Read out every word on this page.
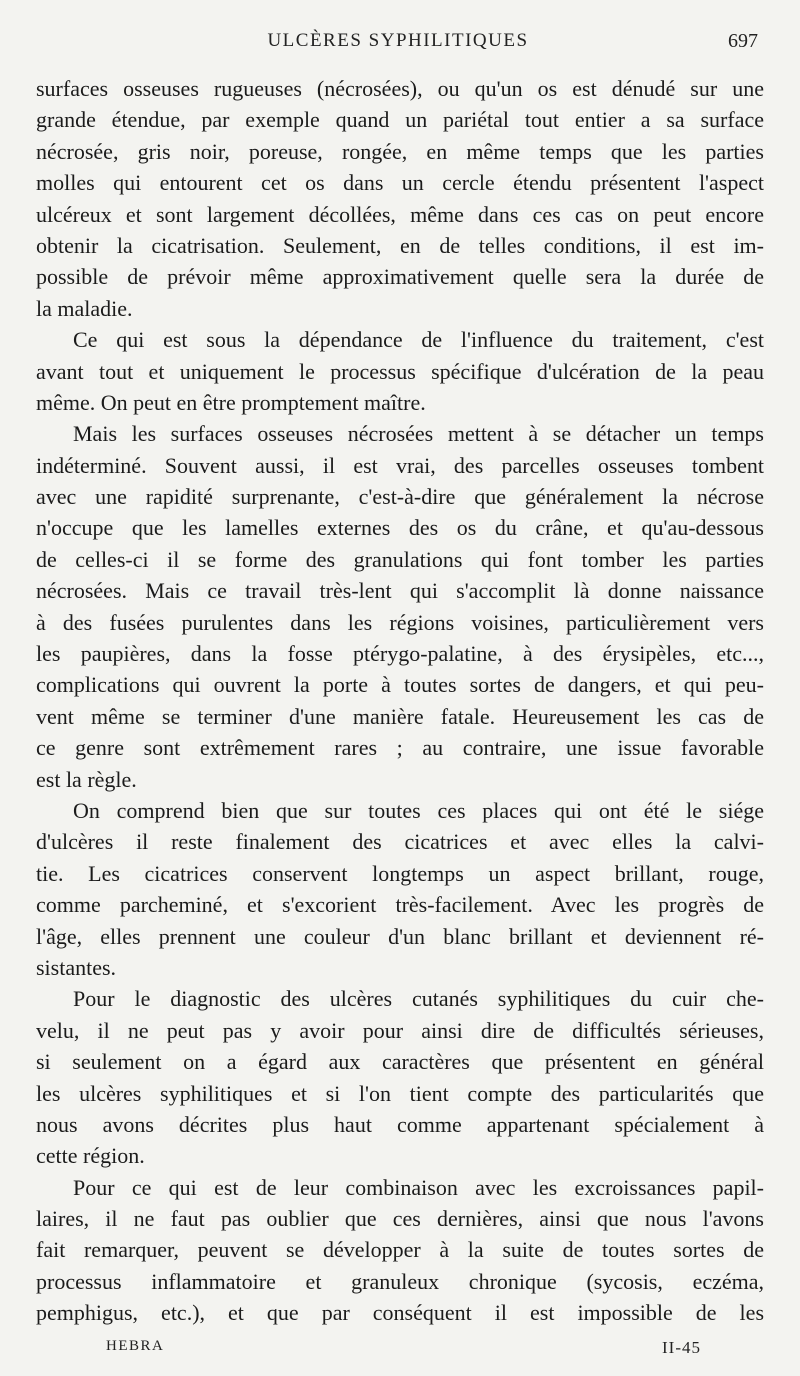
ULCÈRES SYPHILITIQUES	697
surfaces osseuses rugueuses (nécrosées), ou qu'un os est dénudé sur une
grande étendue, par exemple quand un pariétal tout entier a sa surface
nécrosée, gris noir, poreuse, rongée, en même temps que les parties
molles qui entourent cet os dans un cercle étendu présentent l'aspect
ulcéreux et sont largement décollées, même dans ces cas on peut encore
obtenir la cicatrisation. Seulement, en de telles conditions, il est im-
possible de prévoir même approximativement quelle sera la durée de
la maladie.
Ce qui est sous la dépendance de l'influence du traitement, c'est
avant tout et uniquement le processus spécifique d'ulcération de la peau
même. On peut en être promptement maître.
Mais les surfaces osseuses nécrosées mettent à se détacher un temps
indéterminé. Souvent aussi, il est vrai, des parcelles osseuses tombent
avec une rapidité surprenante, c'est-à-dire que généralement la nécrose
n'occupe que les lamelles externes des os du crâne, et qu'au-dessous
de celles-ci il se forme des granulations qui font tomber les parties
nécrosées. Mais ce travail très-lent qui s'accomplit là donne naissance
à des fusées purulentes dans les régions voisines, particulièrement vers
les paupières, dans la fosse ptérygo-palatine, à des érysipèles, etc...,
complications qui ouvrent la porte à toutes sortes de dangers, et qui peu-
vent même se terminer d'une manière fatale. Heureusement les cas de
ce genre sont extrêmement rares ; au contraire, une issue favorable
est la règle.
On comprend bien que sur toutes ces places qui ont été le siége
d'ulcères il reste finalement des cicatrices et avec elles la calvi-
tie. Les cicatrices conservent longtemps un aspect brillant, rouge,
comme parcheminé, et s'excorient très-facilement. Avec les progrès de
l'âge, elles prennent une couleur d'un blanc brillant et deviennent ré-
sistantes.
Pour le diagnostic des ulcères cutanés syphilitiques du cuir che-
velu, il ne peut pas y avoir pour ainsi dire de difficultés sérieuses,
si seulement on a égard aux caractères que présentent en général
les ulcères syphilitiques et si l'on tient compte des particularités que
nous avons décrites plus haut comme appartenant spécialement à
cette région.
Pour ce qui est de leur combinaison avec les excroissances papil-
laires, il ne faut pas oublier que ces dernières, ainsi que nous l'avons
fait remarquer, peuvent se développer à la suite de toutes sortes de
processus inflammatoire et granuleux chronique (sycosis, eczéma,
pemphigus, etc.), et que par conséquent il est impossible de les
HEBRA	II-45
